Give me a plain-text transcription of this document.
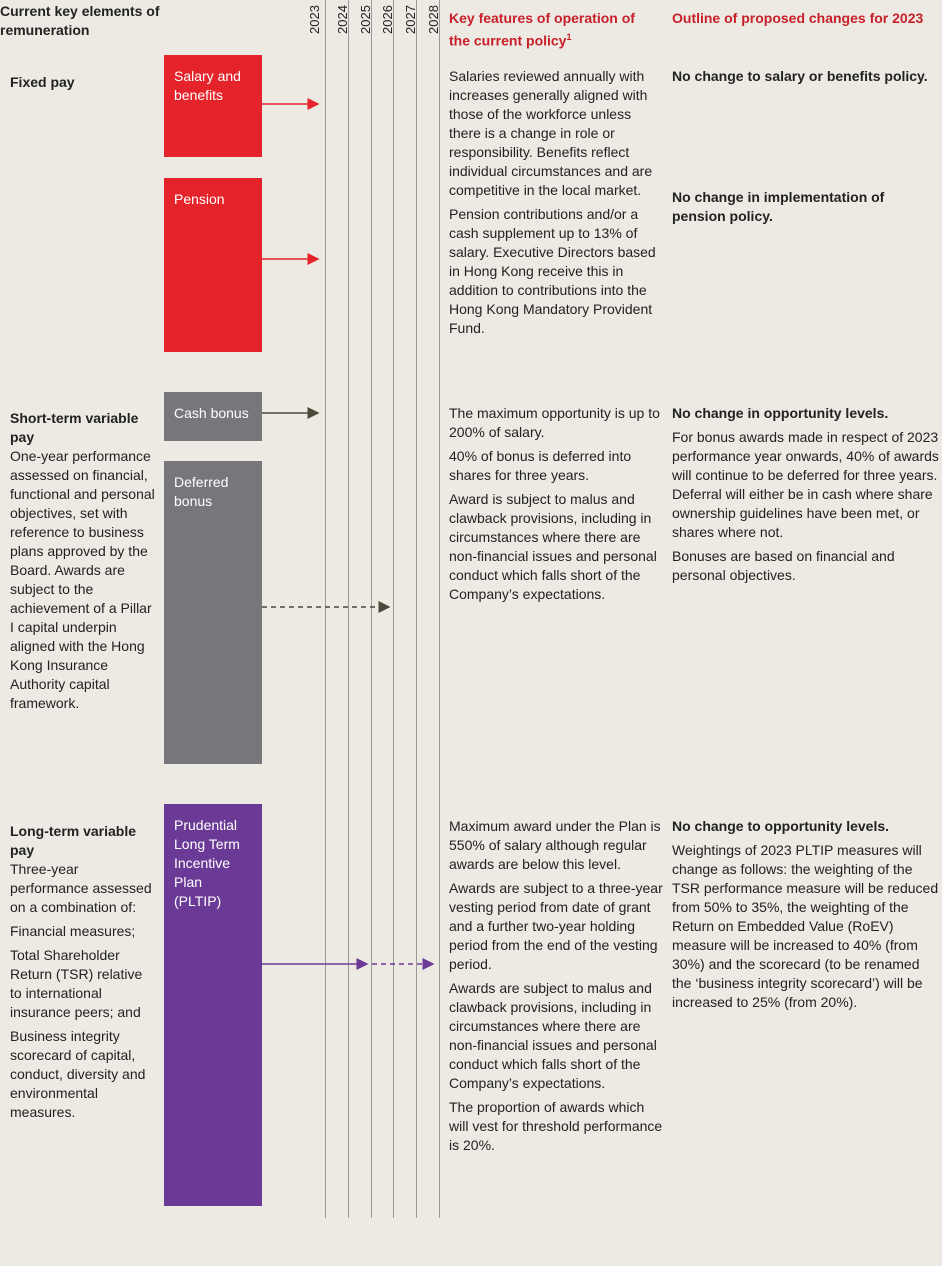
Current key elements of remuneration
Key features of operation of the current policy$^1$
Outline of proposed changes for 2023
2023 2024 2025 2026 2027 2028
Fixed pay	Salary and benefits
Pension

Salaries reviewed annually with increases generally aligned with those of the workforce unless there is a change in role or responsibility. Benefits reflect individual circumstances and are competitive in the local market.

Pension contributions and/or a cash supplement up to 13% of salary. Executive Directors based in Hong Kong receive this in addition to contributions into the Hong Kong Mandatory Provident Fund.

No change to salary or benefits policy.
No change in implementation of pension policy.
Short-term variable pay
One-year performance assessed on financial, functional and personal objectives, set with reference to business plans approved by the Board. Awards are subject to the achievement of a Pillar I capital underpin aligned with the Hong Kong Insurance Authority capital framework.
Cash bonus
Deferred bonus

The maximum opportunity is up to 200% of salary.

40% of bonus is deferred into shares for three years.

Award is subject to malus and clawback provisions, including in circumstances where there are non-financial issues and personal conduct which falls short of the Company’s expectations.

No change in opportunity levels.

For bonus awards made in respect of 2023 performance year onwards, 40% of awards will continue to be deferred for three years. Deferral will either be in cash where share ownership guidelines have been met, or shares where not.

Bonuses are based on financial and personal objectives.

Long-term variable pay

Three-year performance assessed on a combination of:

Financial measures;

Total Shareholder Return (TSR) relative to international insurance peers; and

Business integrity scorecard of capital, conduct, diversity and environmental measures.

Prudential Long Term Incentive Plan (PLTIP)

Maximum award under the Plan is 550% of salary although regular awards are below this level.

Awards are subject to a three-year vesting period from date of grant and a further two-year holding period from the end of the vesting period.

Awards are subject to malus and clawback provisions, including in circumstances where there are non-financial issues and personal conduct which falls short of the Company’s expectations.

The proportion of awards which will vest for threshold performance is 20%.

No change to opportunity levels.

Weightings of 2023 PLTIP measures will change as follows: the weighting of the TSR performance measure will be reduced from 50% to 35%, the weighting of the Return on Embedded Value (RoEV) measure will be increased to 40% (from 30%) and the scorecard (to be renamed the ‘business integrity scorecard’) will be increased to 25% (from 20%).
